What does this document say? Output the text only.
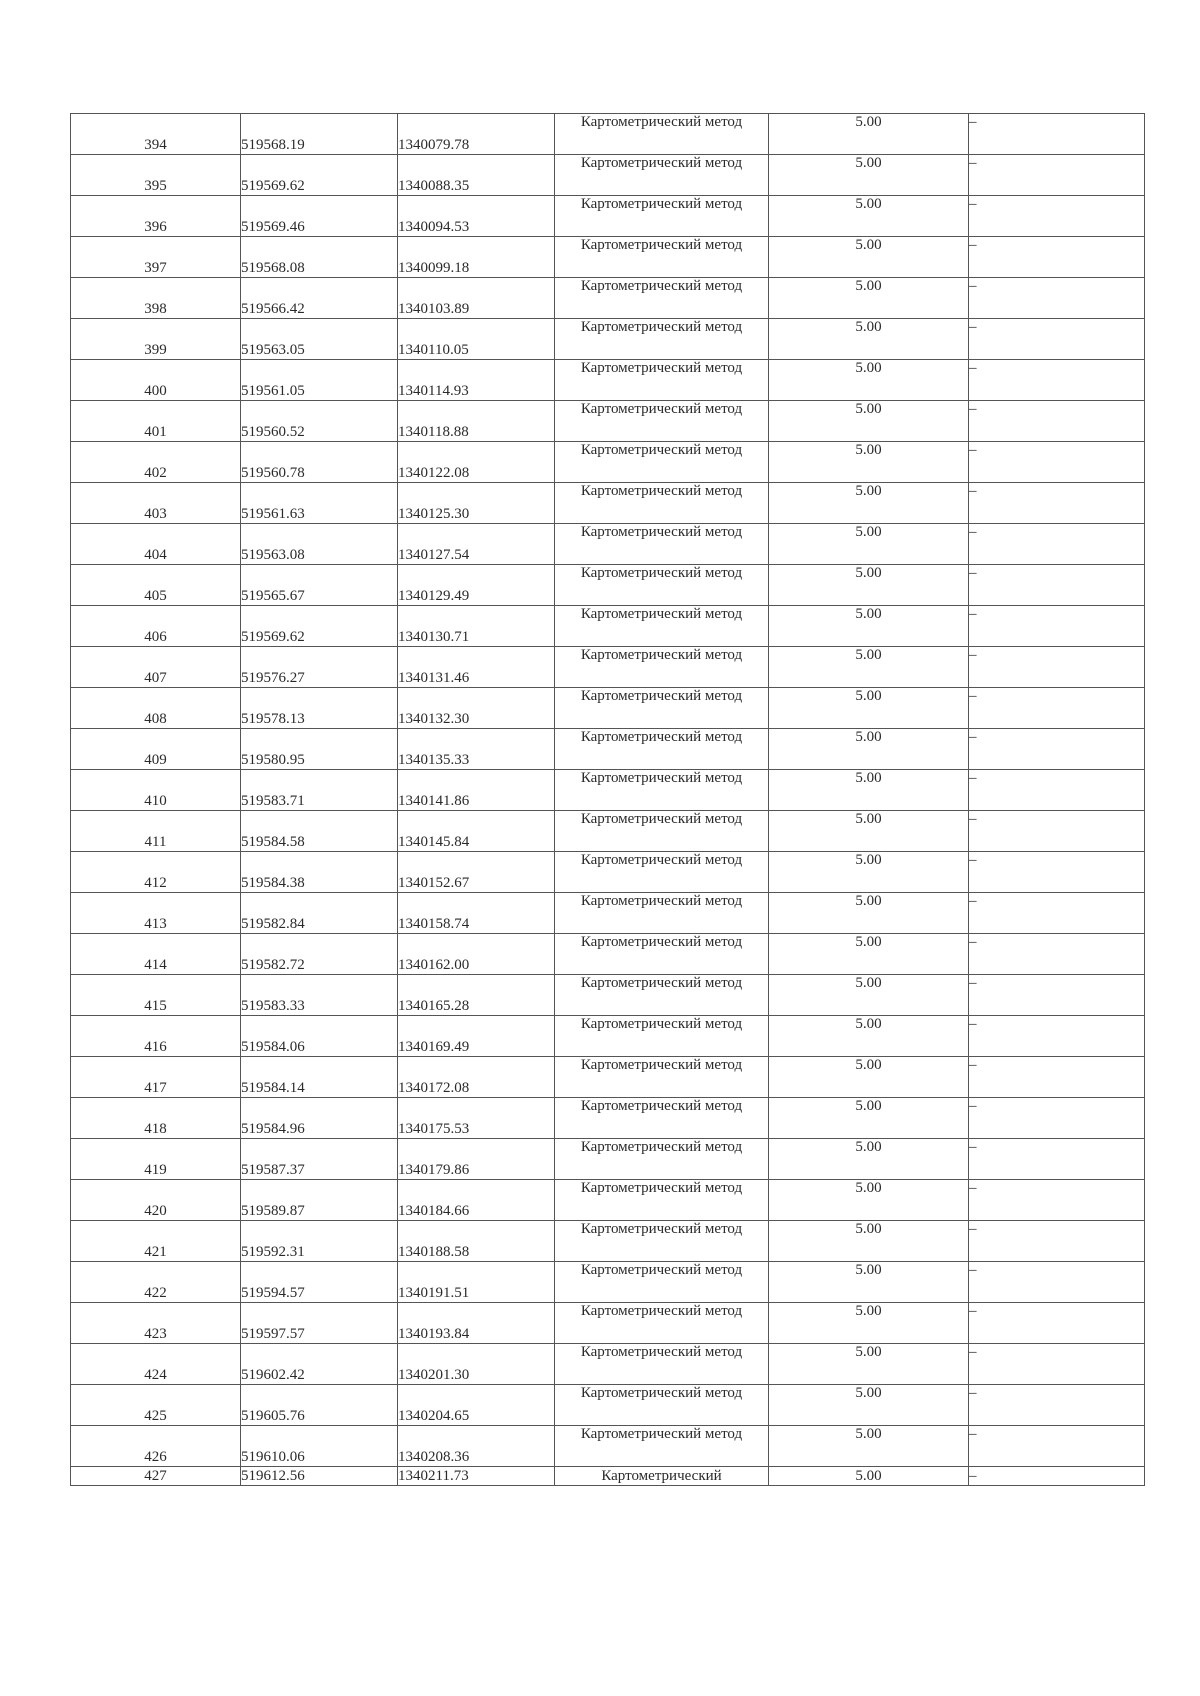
394	519568.19	1340079.78	Картометрический метод	5.00	–
395	519569.62	1340088.35	Картометрический метод	5.00	–
396	519569.46	1340094.53	Картометрический метод	5.00	–
397	519568.08	1340099.18	Картометрический метод	5.00	–
398	519566.42	1340103.89	Картометрический метод	5.00	–
399	519563.05	1340110.05	Картометрический метод	5.00	–
400	519561.05	1340114.93	Картометрический метод	5.00	–
401	519560.52	1340118.88	Картометрический метод	5.00	–
402	519560.78	1340122.08	Картометрический метод	5.00	–
403	519561.63	1340125.30	Картометрический метод	5.00	–
404	519563.08	1340127.54	Картометрический метод	5.00	–
405	519565.67	1340129.49	Картометрический метод	5.00	–
406	519569.62	1340130.71	Картометрический метод	5.00	–
407	519576.27	1340131.46	Картометрический метод	5.00	–
408	519578.13	1340132.30	Картометрический метод	5.00	–
409	519580.95	1340135.33	Картометрический метод	5.00	–
410	519583.71	1340141.86	Картометрический метод	5.00	–
411	519584.58	1340145.84	Картометрический метод	5.00	–
412	519584.38	1340152.67	Картометрический метод	5.00	–
413	519582.84	1340158.74	Картометрический метод	5.00	–
414	519582.72	1340162.00	Картометрический метод	5.00	–
415	519583.33	1340165.28	Картометрический метод	5.00	–
416	519584.06	1340169.49	Картометрический метод	5.00	–
417	519584.14	1340172.08	Картометрический метод	5.00	–
418	519584.96	1340175.53	Картометрический метод	5.00	–
419	519587.37	1340179.86	Картометрический метод	5.00	–
420	519589.87	1340184.66	Картометрический метод	5.00	–
421	519592.31	1340188.58	Картометрический метод	5.00	–
422	519594.57	1340191.51	Картометрический метод	5.00	–
423	519597.57	1340193.84	Картометрический метод	5.00	–
424	519602.42	1340201.30	Картометрический метод	5.00	–
425	519605.76	1340204.65	Картометрический метод	5.00	–
426	519610.06	1340208.36	Картометрический метод	5.00	–
427	519612.56	1340211.73	Картометрический	5.00	–
